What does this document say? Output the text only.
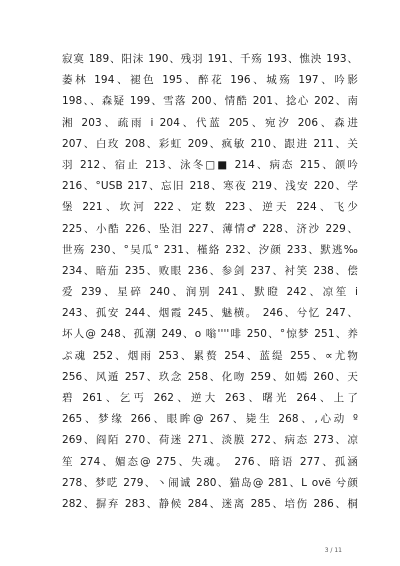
寂寞 189、阳沫 190、残羽 191、千殇 193、憔泱 193、
萎林 194、褪色 195、醉花 196、城殇 197、吟影
198、、森疑 199、雪落 200、情酷 201、捻心 202、南
湘 203、疏雨 i 204、代蓝 205、宛汐 206、森进
207、白玫 208、彩虹 209、疯敏 210、跟进 211、关
羽 212、宿止 213、泳冬□■ 214、病态 215、颌吟
216、°USB 217、忘旧 218、寒夜 219、浅安 220、学
堡 221、坎河 222、定数 223、逆天 224、飞少
225、小酷 226、坠泪 227、薄情♂ 228、济沙 229、
世殇 230、°吴瓜° 231、槿絡 232、汐颜 233、默逃‰
234、暗茄 235、败眼 236、参剑 237、衬笑 238、偿
爱 239、星碎 240、润别 241、默瞪 242、凉笙 i
243、孤安 244、烟霞 245、魅横。 246、兮忆 247、
坏人@ 248、孤潮 249、o 嗡''''啡 250、°惊梦 251、养
ぷ魂 252、烟雨 253、累赘 254、蓝缇 255、∝尤物
256、风遁 257、玖念 258、化吻 259、如嫣 260、天
碧 261、乞丐 262、逆大 263、曙光 264、上了
265、梦缘 266、眼眸@ 267、毙生 268、,心动 º
269、阎陌 270、荷迷 271、淡膜 272、病态 273、凉
笙 274、媚态@ 275、失魂。 276、暗语 277、孤涵
278、梦呓 279、丶闹诚 280、猫岛@ 281、L ovё 兮颜
282、摒弃 283、静候 284、迷离 285、培伤 286、桐
3 / 11
